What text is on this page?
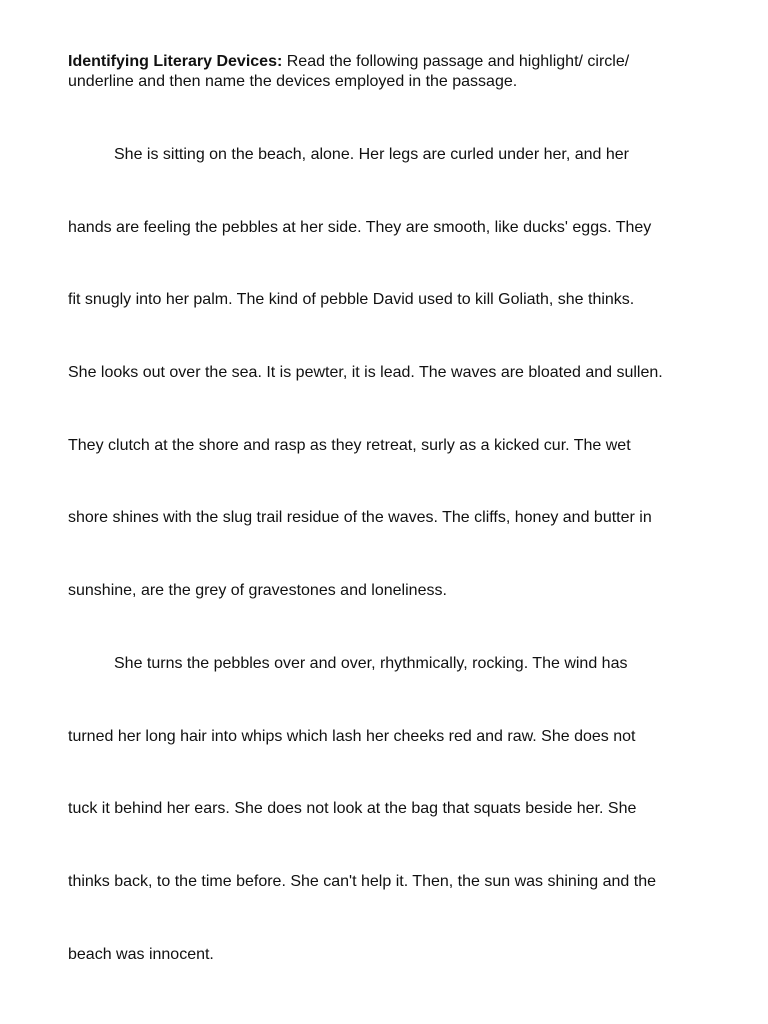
Identifying Literary Devices: Read the following passage and highlight/ circle/
underline and then name the devices employed in the passage.
She is sitting on the beach, alone. Her legs are curled under her, and her
hands are feeling the pebbles at her side. They are smooth, like ducks' eggs. They
fit snugly into her palm. The kind of pebble David used to kill Goliath, she thinks.
She looks out over the sea. It is pewter, it is lead. The waves are bloated and sullen.
They clutch at the shore and rasp as they retreat, surly as a kicked cur. The wet
shore shines with the slug trail residue of the waves. The cliffs, honey and butter in
sunshine, are the grey of gravestones and loneliness.
She turns the pebbles over and over, rhythmically, rocking. The wind has
turned her long hair into whips which lash her cheeks red and raw. She does not
tuck it behind her ears. She does not look at the bag that squats beside her. She
thinks back, to the time before. She can't help it. Then, the sun was shining and the
beach was innocent.
